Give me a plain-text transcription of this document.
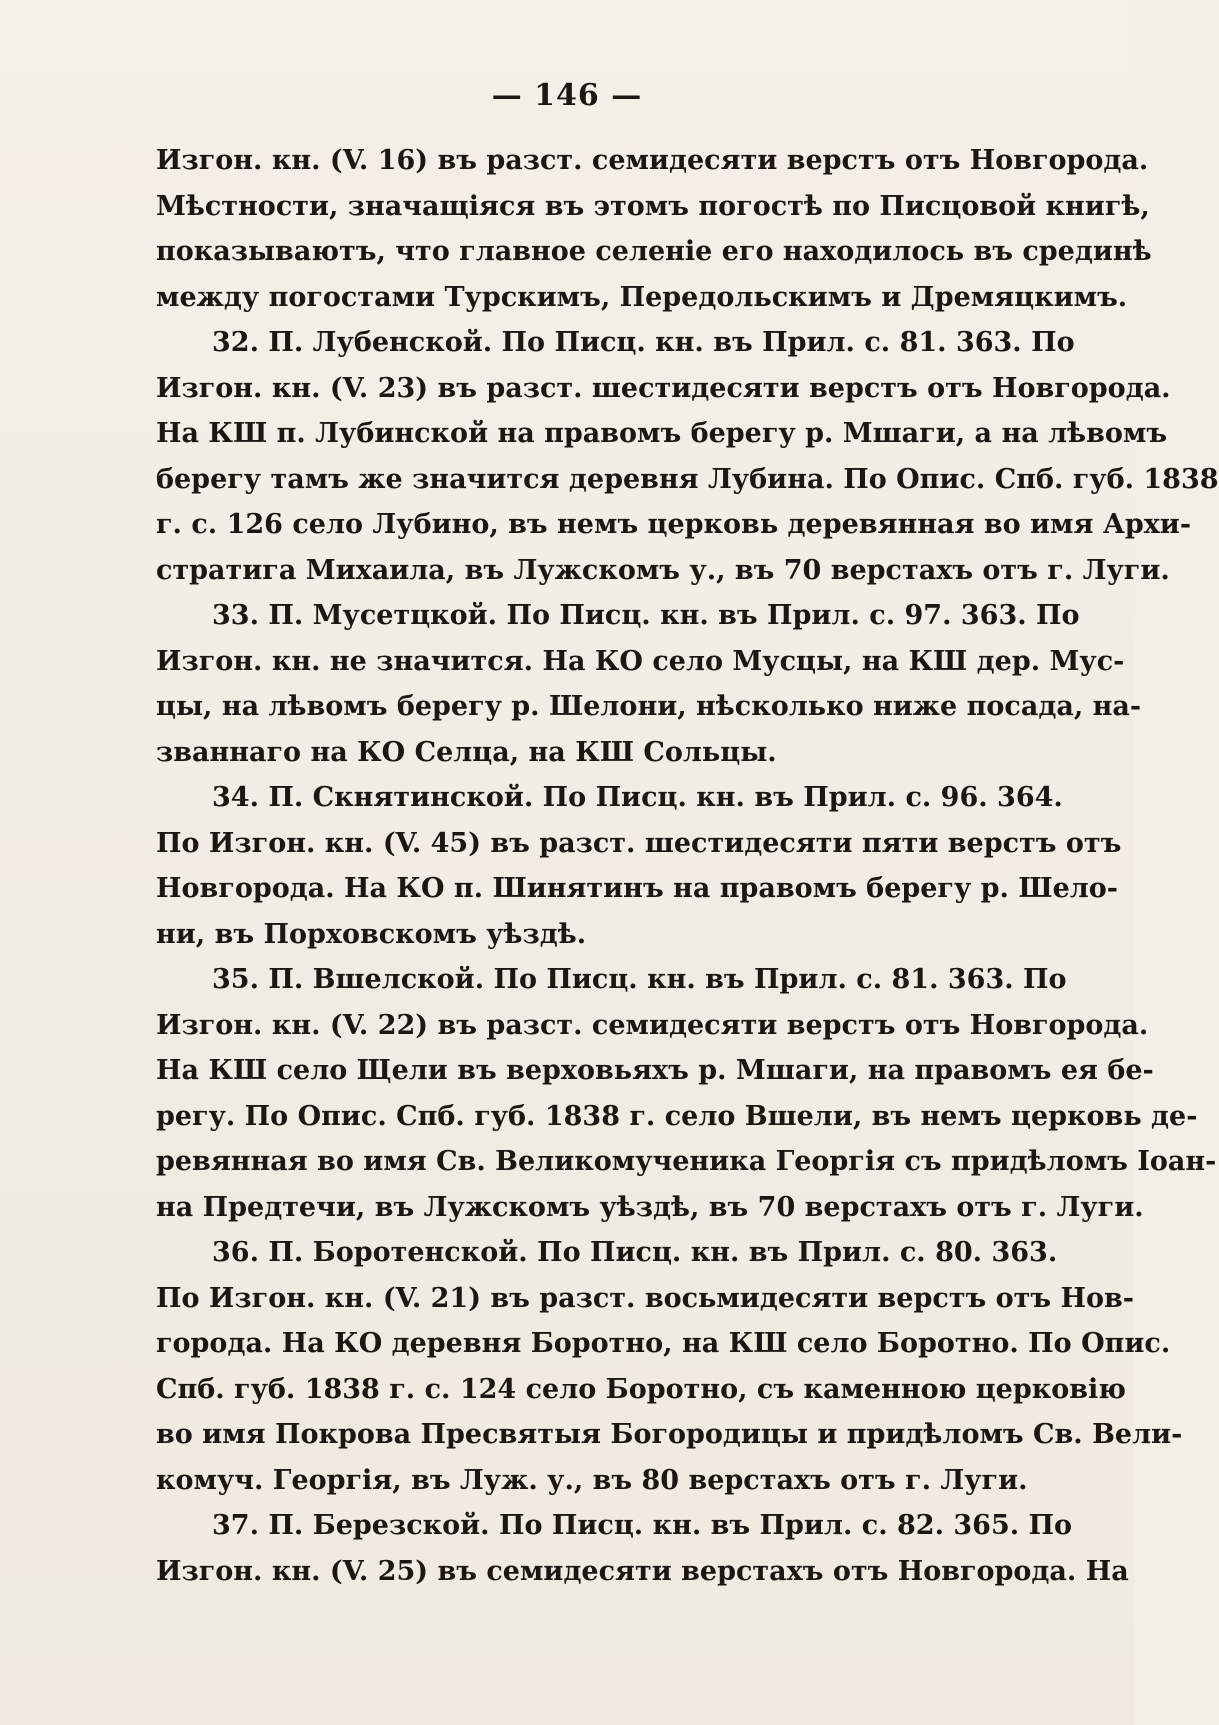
— 146 —
Изгон. кн. (V. 16) въ разст. семидесяти верстъ отъ Новгорода.
Мѣстности, значащіяся въ этомъ погостѣ по Писцовой книгѣ,
показываютъ, что главное селеніе его находилось въ срединѣ
между погостами Турскимъ, Передольскимъ и Дремяцкимъ.
32. П. Лубенской. По Писц. кн. въ Прил. с. 81. 363. По
Изгон. кн. (V. 23) въ разст. шестидесяти верстъ отъ Новгорода.
На КШ п. Лубинской на правомъ берегу р. Мшаги, а на лѣвомъ
берегу тамъ же значится деревня Лубина. По Опис. Спб. губ. 1838
г. с. 126 село Лубино, въ немъ церковь деревянная во имя Архи-
стратига Михаила, въ Лужскомъ у., въ 70 верстахъ отъ г. Луги.
33. П. Мусетцкой. По Писц. кн. въ Прил. с. 97. 363. По
Изгон. кн. не значится. На КО село Мусцы, на КШ дер. Мус-
цы, на лѣвомъ берегу р. Шелони, нѣсколько ниже посада, на-
званнаго на КО Селца, на КШ Сольцы.
34. П. Скнятинской. По Писц. кн. въ Прил. с. 96. 364.
По Изгон. кн. (V. 45) въ разст. шестидесяти пяти верстъ отъ
Новгорода. На КО п. Шинятинъ на правомъ берегу р. Шело-
ни, въ Порховскомъ уѣздѣ.
35. П. Вшелской. По Писц. кн. въ Прил. с. 81. 363. По
Изгон. кн. (V. 22) въ разст. семидесяти верстъ отъ Новгорода.
На КШ село Щели въ верховьяхъ р. Мшаги, на правомъ ея бе-
регу. По Опис. Спб. губ. 1838 г. село Вшели, въ немъ церковь де-
ревянная во имя Св. Великомученика Георгія съ придѣломъ Іоан-
на Предтечи, въ Лужскомъ уѣздѣ, въ 70 верстахъ отъ г. Луги.
36. П. Боротенской. По Писц. кн. въ Прил. с. 80. 363.
По Изгон. кн. (V. 21) въ разст. восьмидесяти верстъ отъ Нов-
города. На КО деревня Боротно, на КШ село Боротно. По Опис.
Спб. губ. 1838 г. с. 124 село Боротно, съ каменною церковію
во имя Покрова Пресвятыя Богородицы и придѣломъ Св. Вели-
комуч. Георгія, въ Луж. у., въ 80 верстахъ отъ г. Луги.
37. П. Березской. По Писц. кн. въ Прил. с. 82. 365. По
Изгон. кн. (V. 25) въ семидесяти верстахъ отъ Новгорода. На
